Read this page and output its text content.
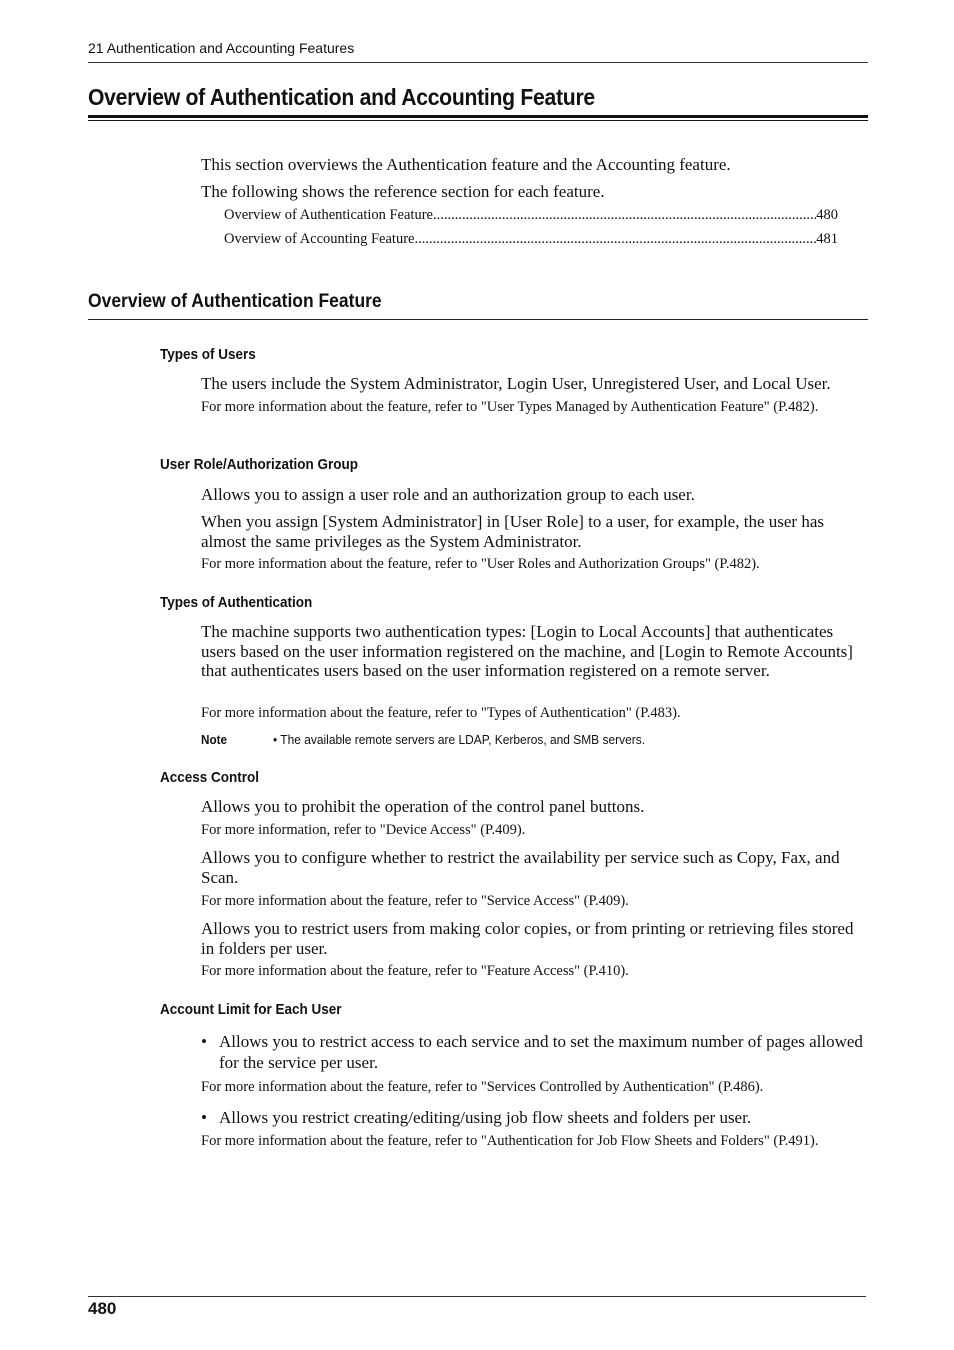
21 Authentication and Accounting Features
Overview of Authentication and Accounting Feature

This section overviews the Authentication feature and the Accounting feature.

The following shows the reference section for each feature.

Overview of Authentication Feature .....	480
Overview of Accounting Feature .....	481
Overview of Authentication Feature
Types of Users

The users include the System Administrator, Login User, Unregistered User, and Local User.

For more information about the feature, refer to "User Types Managed by Authentication Feature" (P.482).

User Role/Authorization Group

Allows you to assign a user role and an authorization group to each user.

When you assign [System Administrator] in [User Role] to a user, for example, the user has almost the same privileges as the System Administrator.

For more information about the feature, refer to "User Roles and Authorization Groups" (P.482).

Types of Authentication

The machine supports two authentication types: [Login to Local Accounts] that authenticates users based on the user information registered on the machine, and [Login to Remote Accounts] that authenticates users based on the user information registered on a remote server.

For more information about the feature, refer to "Types of Authentication" (P.483).

Note	• The available remote servers are LDAP, Kerberos, and SMB servers.
Access Control

Allows you to prohibit the operation of the control panel buttons.

For more information, refer to "Device Access" (P.409).

Allows you to configure whether to restrict the availability per service such as Copy, Fax, and Scan.

For more information about the feature, refer to "Service Access" (P.409).

Allows you to restrict users from making color copies, or from printing or retrieving files stored in folders per user.

For more information about the feature, refer to "Feature Access" (P.410).

Account Limit for Each User
• Allows you to restrict access to each service and to set the maximum number of pages allowed for the service per user.

For more information about the feature, refer to "Services Controlled by Authentication" (P.486).

• Allows you restrict creating/editing/using job flow sheets and folders per user.

For more information about the feature, refer to "Authentication for Job Flow Sheets and Folders" (P.491).

480
